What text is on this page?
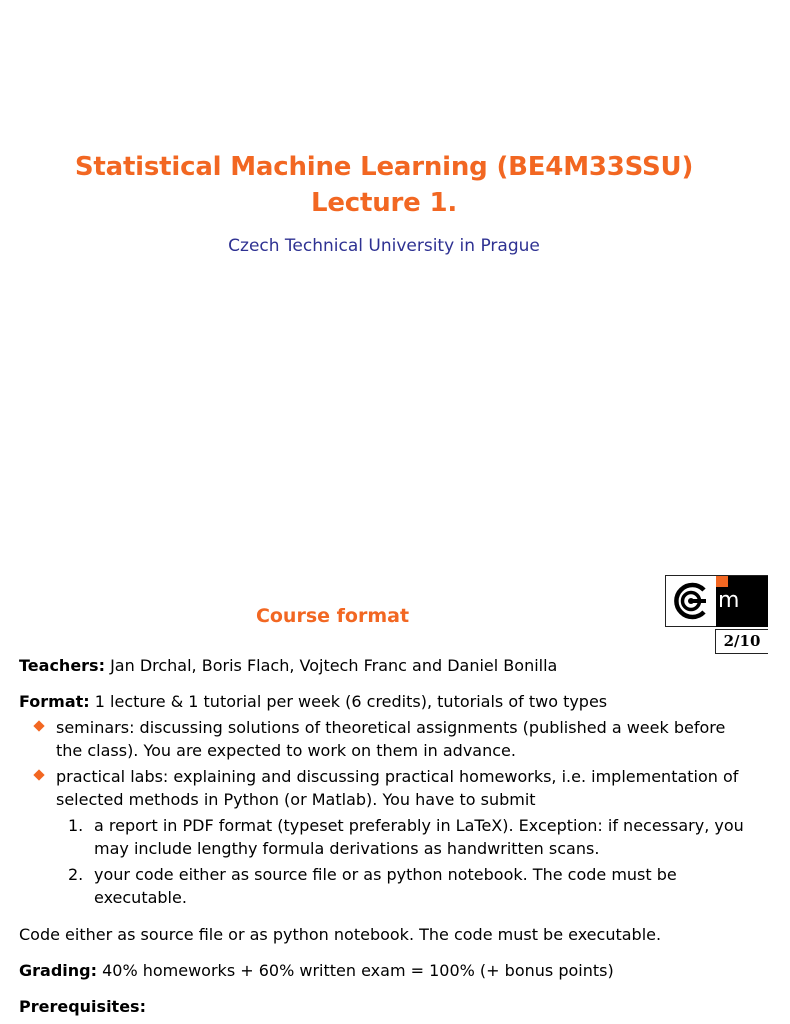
Statistical Machine Learning (BE4M33SSU)
Lecture 1.
Czech Technical University in Prague
m p
2/10
Course format
Teachers: Jan Drchal, Boris Flach, Vojtech Franc and Daniel Bonilla
Format: 1 lecture & 1 tutorial per week (6 credits), tutorials of two types
seminars: discussing solutions of theoretical assignments (published a week before the class). You are expected to work on them in advance.
practical labs: explaining and discussing practical homeworks, i.e. implementation of selected methods in Python (or Matlab). You have to submit
1. a report in PDF format (typeset preferably in LaTeX). Exception: if necessary, you may include lengthy formula derivations as handwritten scans.
2. your code either as source file or as python notebook. The code must be executable.
Code either as source file or as python notebook. The code must be executable.
Grading: 40% homeworks + 60% written exam = 100% (+ bonus points)
Prerequisites:
